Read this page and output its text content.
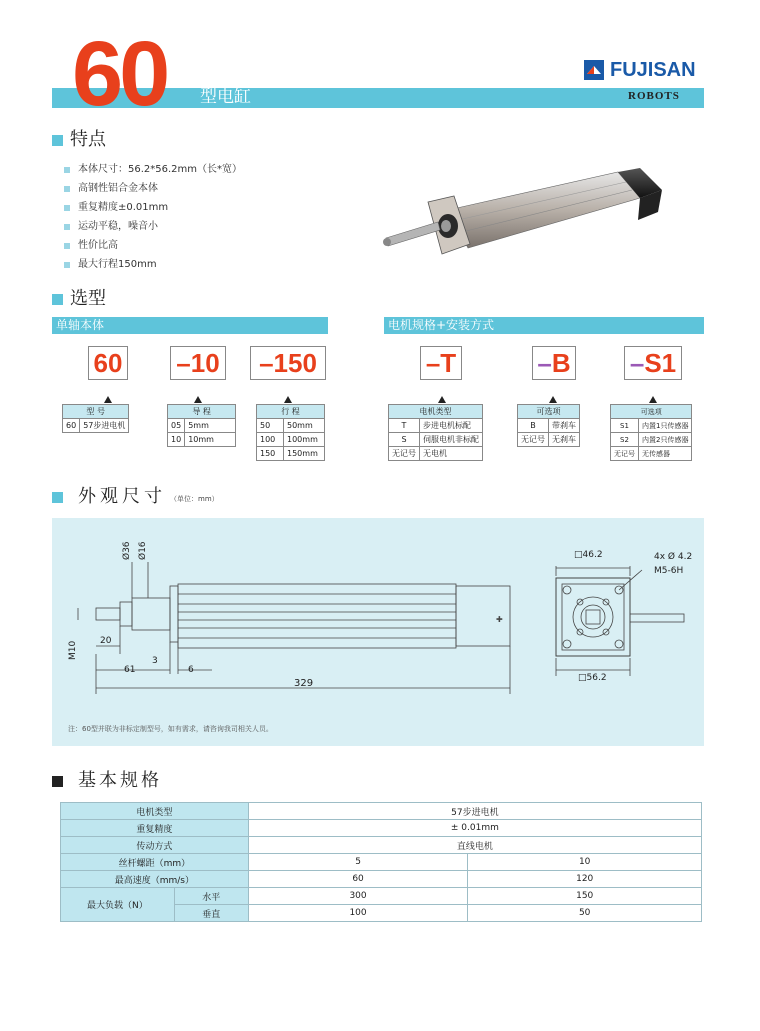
60 型电缸
FUJISAN
ROBOTS
特点
本体尺寸：56.2*56.2mm（长*宽）
高钢性铝合金本体
重复精度±0.01mm
运动平稳，噪音小
性价比高
最大行程150mm
选型
单轴本体	电机规格+安装方式
60 –10	–150	–T	–B –S1
型 号
60	57步进电机
导 程	
05	5mm
10	10mm
行 程	
50	50mm
100	100mm
150	150mm
电机类型	
T	步进电机标配
S	伺服电机非标配
无记号	无电机
可选项	
B	带刹车
无记号	无刹车
可选项	
S1	内置1只传感器
S2	内置2只传感器
无记号	无传感器
外观尺寸 （单位：mm）
✚
Ø36 Ø16
M10 20
3
61	6
329
□46.2	4x Ø 4.2
M5-6H
□56.2
注：60型并联为非标定制型号，如有需求，请咨询我司相关人员。
基本规格
电机类型		57步进电机	
重复精度		± 0.01mm	
传动方式		直线电机	
丝杆螺距（mm）		5	10
最高速度（mm/s）		60	120
最大负载（N）	水平	300	150
	垂直	100	50
